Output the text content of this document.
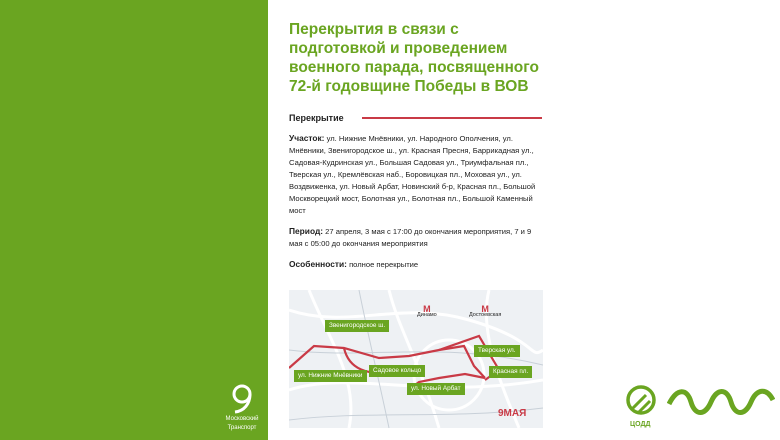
Московский
Транспорт
Перекрытия в связи с подготовкой и проведением военного парада, посвященного 72-й годовщине Победы в ВОВ
Перекрытие
Участок: ул. Нижние Мнёвники, ул. Народного Ополчения, ул. Мнёвники, Звенигородское ш., ул. Красная Пресня, Баррикадная ул., Садовая-Кудринская ул., Большая Садовая ул., Триумфальная пл., Тверская ул., Кремлёвская наб., Боровицкая пл., Моховая ул., ул. Воздвиженка, ул. Новый Арбат, Новинский б-р, Красная пл., Большой Москворецкий мост, Болотная ул., Болотная пл., Большой Каменный мост
Период: 27 апреля, 3 мая с 17:00 до окончания мероприятия, 7 и 9 мая с 05:00 до окончания мероприятия
Особенности: полное перекрытие
М
Динамо
М
Достоевская
Звенигородское ш.
ул. Нижние Мнёвники
Садовое кольцо
ул. Новый Арбат
Тверская ул.
Красная пл.
9МАЯ
ЦОДД
